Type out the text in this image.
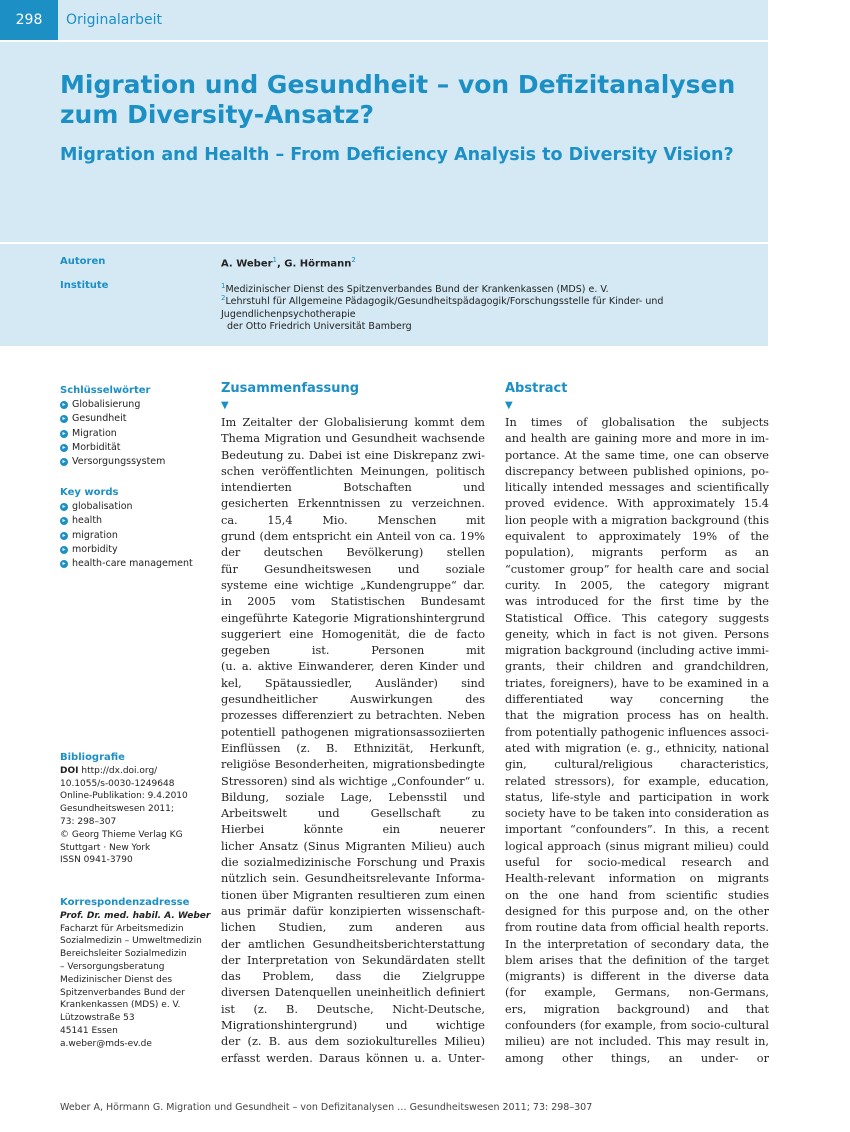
298	Originalarbeit
Migration und Gesundheit – von Defizitanalysen zum Diversity-Ansatz?
Migration and Health – From Deficiency Analysis to Diversity Vision?
Autoren	A. Weber$^1$, G. Hörmann$^2$
Institute	$^1$Medizinischer Dienst des Spitzenverbandes Bund der Krankenkassen (MDS) e. V.
$^2$Lehrstuhl für Allgemeine Pädagogik/Gesundheitspädagogik/Forschungsstelle für Kinder- und Jugendlichenpsychotherapie
der Otto Friedrich Universität Bamberg
Schlüsselwörter
▸ Globalisierung
▸ Gesundheit
▸ Migration
▸ Morbidität
▸ Versorgungssystem
Key words
▸ globalisation
▸ health
▸ migration
▸ morbidity
▸ health-care management
Bibliografie
DOI http://dx.doi.org/
10.1055/s-0030-1249648
Online-Publikation: 9.4.2010
Gesundheitswesen 2011;
73: 298–307
© Georg Thieme Verlag KG
Stuttgart · New York
ISSN 0941-3790
Korrespondenzadresse
Prof. Dr. med. habil. A. Weber
Facharzt für Arbeitsmedizin
Sozialmedizin – Umweltmedizin
Bereichsleiter Sozialmedizin
– Versorgungsberatung
Medizinischer Dienst des
Spitzenverbandes Bund der
Krankenkassen (MDS) e. V.
Lützowstraße 53
45141 Essen
a.weber@mds-ev.de
Zusammenfassung
▼
Im Zeitalter der Globalisierung kommt dem
Thema Migration und Gesundheit wachsende
Bedeutung zu. Dabei ist eine Diskrepanz zwi-
schen veröffentlichten Meinungen, politisch
intendierten Botschaften und
gesicherten Erkenntnissen zu verzeichnen.
ca. 15,4 Mio. Menschen mit
grund (dem entspricht ein Anteil von ca. 19%
der deutschen Bevölkerung) stellen
für Gesundheitswesen und soziale
systeme eine wichtige „Kundengruppe“ dar.
in 2005 vom Statistischen Bundesamt
eingeführte Kategorie Migrationshintergrund
suggeriert eine Homogenität, die de facto
gegeben ist. Personen mit
(u. a. aktive Einwanderer, deren Kinder und
kel, Spätaussiedler, Ausländer) sind
gesundheitlicher Auswirkungen des
prozesses differenziert zu betrachten. Neben
potentiell pathogenen migrationsassoziierten
Einflüssen (z. B. Ethnizität, Herkunft,
religiöse Besonderheiten, migrationsbedingte
Stressoren) sind als wichtige „Confounder“ u.
Bildung, soziale Lage, Lebensstil und
Arbeitswelt und Gesellschaft zu
Hierbei könnte ein neuerer
licher Ansatz (Sinus Migranten Milieu) auch
die sozialmedizinische Forschung und Praxis
nützlich sein. Gesundheitsrelevante Informa-
tionen über Migranten resultieren zum einen
aus primär dafür konzipierten wissenschaft-
lichen Studien, zum anderen aus
der amtlichen Gesundheitsberichterstattung
der Interpretation von Sekundärdaten stellt
das Problem, dass die Zielgruppe
diversen Datenquellen uneinheitlich definiert
ist (z. B. Deutsche, Nicht-Deutsche,
Migrationshintergrund) und wichtige
der (z. B. aus dem soziokulturelles Milieu)
erfasst werden. Daraus können u. a. Unter-
Abstract
▼
In times of globalisation the subjects
and health are gaining more and more in im-
portance. At the same time, one can observe
discrepancy between published opinions, po-
litically intended messages and scientifically
proved evidence. With approximately 15.4
lion people with a migration background (this
equivalent to approximately 19% of the
population), migrants perform as an
“customer group” for health care and social
curity. In 2005, the category migrant
was introduced for the first time by the
Statistical Office. This category suggests
geneity, which in fact is not given. Persons
migration background (including active immi-
grants, their children and grandchildren,
triates, foreigners), have to be examined in a
differentiated way concerning the
that the migration process has on health.
from potentially pathogenic influences associ-
ated with migration (e. g., ethnicity, national
gin, cultural/religious characteristics,
related stressors), for example, education,
status, life-style and participation in work
society have to be taken into consideration as
important “confounders”. In this, a recent
logical approach (sinus migrant milieu) could
useful for socio-medical research and
Health-relevant information on migrants
on the one hand from scientific studies
designed for this purpose and, on the other
from routine data from official health reports.
In the interpretation of secondary data, the
blem arises that the definition of the target
(migrants) is different in the diverse data
(for example, Germans, non-Germans,
ers, migration background) and that
confounders (for example, from socio-cultural
milieu) are not included. This may result in,
among other things, an under- or
Weber A, Hörmann G. Migration und Gesundheit – von Defizitanalysen … Gesundheitswesen 2011; 73: 298–307
